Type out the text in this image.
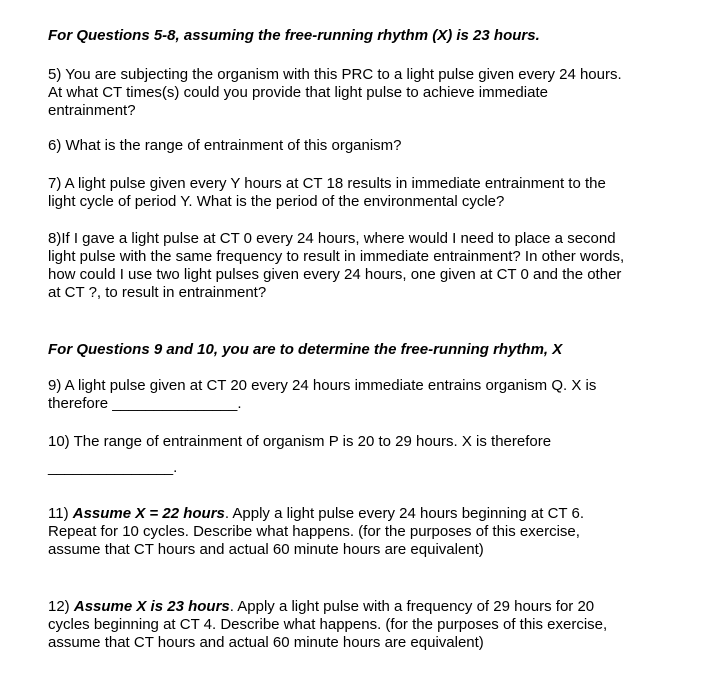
For Questions 5-8, assuming the free-running rhythm (X) is 23 hours.

5) You are subjecting the organism with this PRC to a light pulse given every 24 hours.
At what CT times(s) could you provide that light pulse to achieve immediate
entrainment?
6) What is the range of entrainment of this organism?
7) A light pulse given every Y hours at CT 18 results in immediate entrainment to the
light cycle of period Y. What is the period of the environmental cycle?
8)If I gave a light pulse at CT 0 every 24 hours, where would I need to place a second
light pulse with the same frequency to result in immediate entrainment? In other words,
how could I use two light pulses given every 24 hours, one given at CT 0 and the other
at CT ?, to result in entrainment?

For Questions 9 and 10, you are to determine the free-running rhythm, X

9) A light pulse given at CT 20 every 24 hours immediate entrains organism Q. X is
therefore _______________.
10) The range of entrainment of organism P is 20 to 29 hours. X is therefore
_______________.
11) Assume X = 22 hours. Apply a light pulse every 24 hours beginning at CT 6.
Repeat for 10 cycles. Describe what happens. (for the purposes of this exercise,
assume that CT hours and actual 60 minute hours are equivalent)
12) Assume X is 23 hours. Apply a light pulse with a frequency of 29 hours for 20
cycles beginning at CT 4. Describe what happens. (for the purposes of this exercise,
assume that CT hours and actual 60 minute hours are equivalent)
